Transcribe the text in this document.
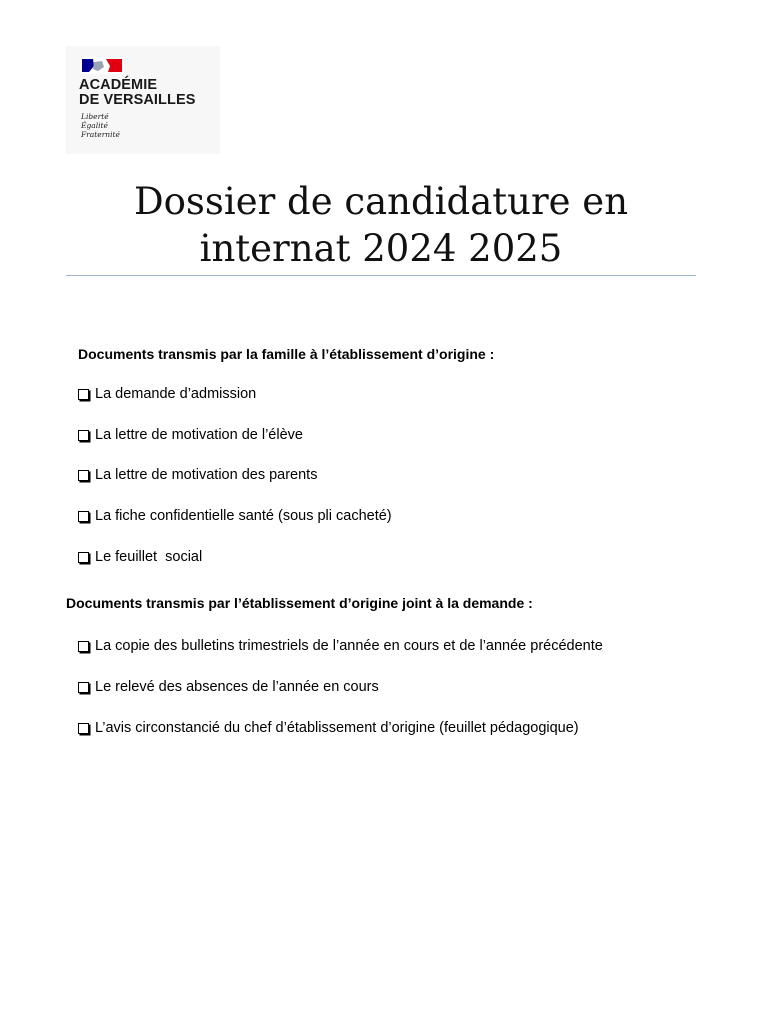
ACADÉMIE
DE VERSAILLES
Liberté
Égalité
Fraternité
Dossier de candidature en internat 2024 2025

Documents transmis par la famille à l’établissement d’origine :

La demande d’admission
La lettre de motivation de l’élève
La lettre de motivation des parents
La fiche confidentielle santé (sous pli cacheté)
Le feuillet  social

Documents transmis par l’établissement d’origine joint à la demande :

La copie des bulletins trimestriels de l’année en cours et de l’année précédente
Le relevé des absences de l’année en cours
L’avis circonstancié du chef d’établissement d’origine (feuillet pédagogique)
